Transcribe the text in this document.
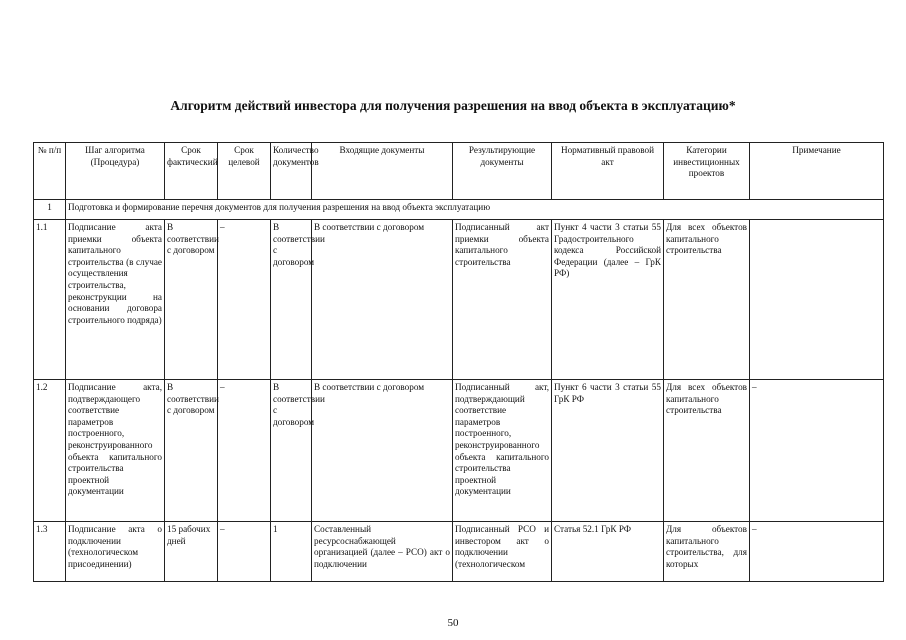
Алгоритм действий инвестора для получения разрешения на ввод объекта в эксплуатацию*
№ п/п	Шаг алгоритма (Процедура)	Срок фактический	Срок целевой	Количество документов	Входящие документы	Результирующие документы	Нормативный правовой акт	Категории инвестиционных проектов	Примечание
1	Подготовка и формирование перечня документов для получения разрешения на ввод объекта эксплуатацию								
1.1	Подписание акта приемки объекта капитального строительства (в случае осуществления строительства, реконструкции на основании договора строительного подряда)	В соответствии с договором	–	В соответствии с договором	В соответствии с договором	Подписанный акт приемки объекта капитального строительства	Пункт 4 части 3 статьи 55 Градостроительного кодекса Российской Федерации (далее – ГрК РФ)	Для всех объектов капитального строительства	
1.2	Подписание акта, подтверждающего соответствие параметров построенного, реконструированного объекта капитального строительства проектной документации	В соответствии с договором	–	В соответствии с договором	В соответствии с договором	Подписанный акт, подтверждающий соответствие параметров построенного, реконструированного объекта капитального строительства проектной документации	Пункт 6 части 3 статьи 55 ГрК РФ	Для всех объектов капитального строительства	–
1.3	Подписание акта о подключении (технологическом присоединении)	15 рабочих дней	–	1	Составленный ресурсоснабжающей организацией (далее – РСО) акт о подключении	Подписанный РСО и инвестором акт о подключении (технологическом	Статья 52.1 ГрК РФ	Для объектов капитального строительства, для которых	–
50
